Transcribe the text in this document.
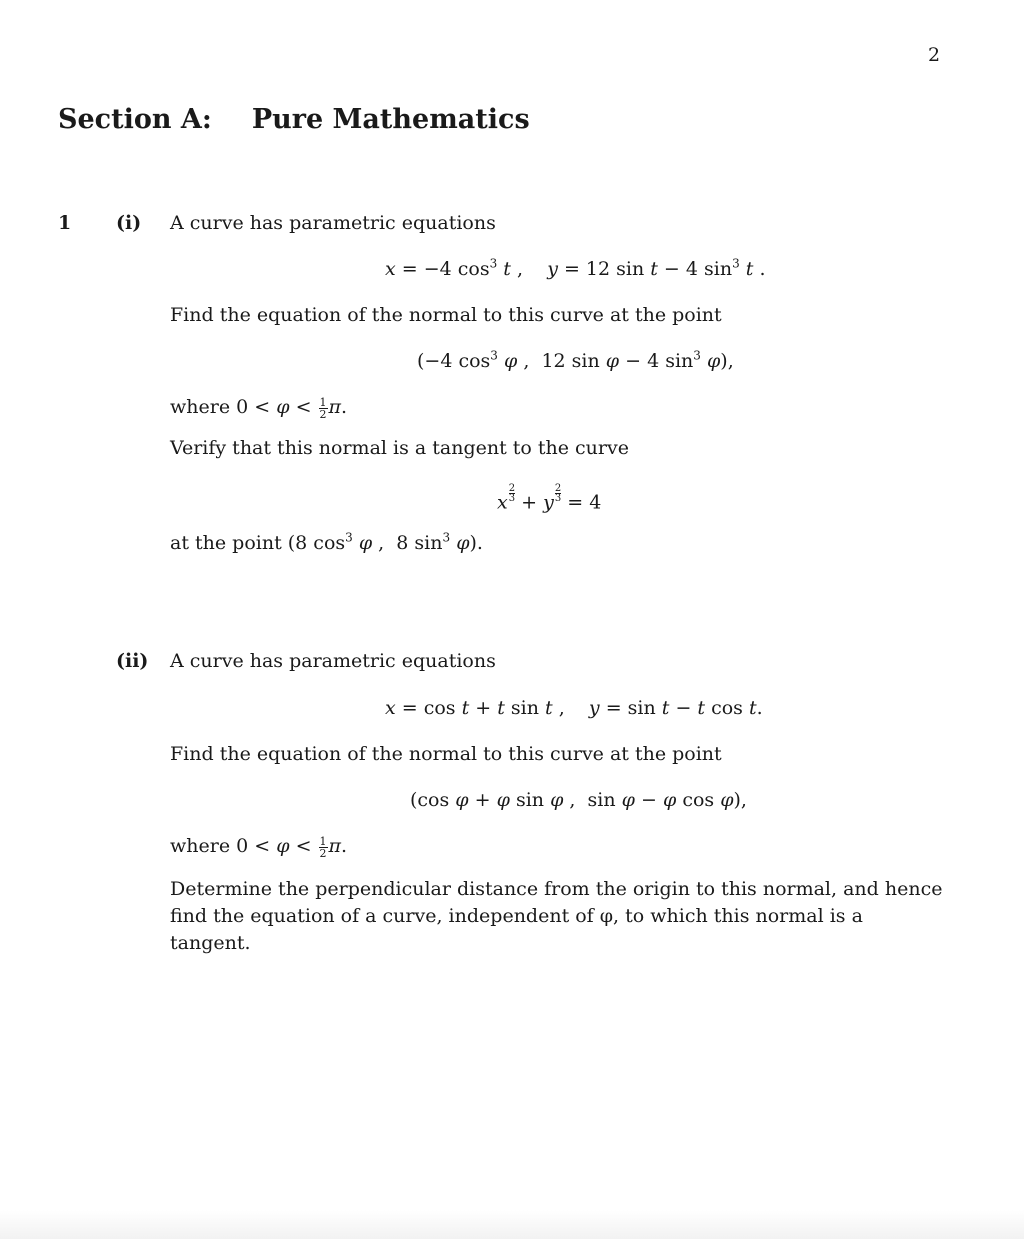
2
Section A: Pure Mathematics
1 (i) A curve has parametric equations
x = −4 $\cos^3 t$ ,    y = 12 sin t − 4 $\sin^3 t$ .
Find the equation of the normal to this curve at the point
(−4 $\cos^3 \varphi$ ,  12 sin φ − 4 $\sin^3 \varphi$),
where $0 < \varphi < \frac{1}{2} \pi$.
Verify that this normal is a tangent to the curve
x $\frac{2}{3} + y \frac{2}{3} = 4$
at the point (8 $\cos^3 \varphi$ ,  8 $\sin^3 \varphi$).
(ii) A curve has parametric equations
x = cos t + t sin t ,    y = sin t − t cos t.
Find the equation of the normal to this curve at the point
(cos φ + φ sin φ ,  sin φ − φ cos φ),
where $0 < \varphi < \frac{1}{2} \pi$.
Determine the perpendicular distance from the origin to this normal, and hence find the equation of a curve, independent of φ, to which this normal is a tangent.
